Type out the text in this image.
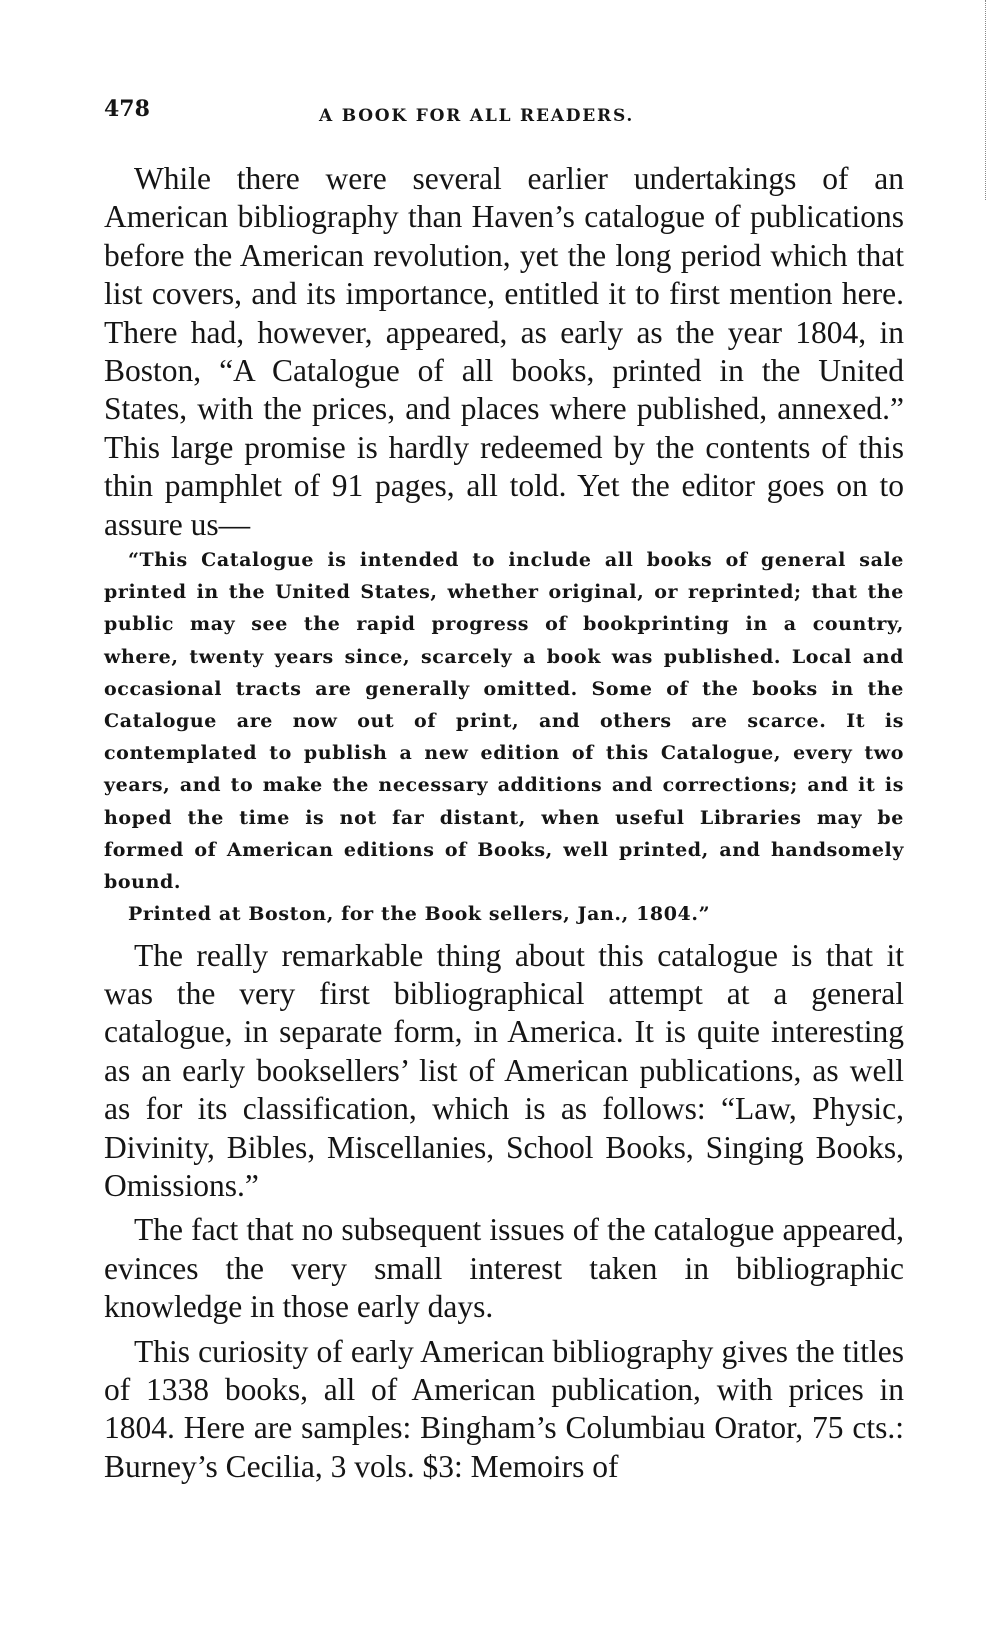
478	A BOOK FOR ALL READERS.

While there were several earlier undertakings of an American bibliography than Haven’s catalogue of publications before the American revolution, yet the long period which that list covers, and its importance, entitled it to first mention here. There had, however, appeared, as early as the year 1804, in Boston, “A Catalogue of all books, printed in the United States, with the prices, and places where published, annexed.” This large promise is hardly redeemed by the contents of this thin pamphlet of 91 pages, all told. Yet the editor goes on to assure us—

“This Catalogue is intended to include all books of general sale printed in the United States, whether original, or reprinted; that the public may see the rapid progress of bookprinting in a country, where, twenty years since, scarcely a book was published. Local and occasional tracts are generally omitted. Some of the books in the Catalogue are now out of print, and others are scarce. It is contemplated to publish a new edition of this Catalogue, every two years, and to make the necessary additions and corrections; and it is hoped the time is not far distant, when useful Libraries may be formed of American editions of Books, well printed, and handsomely bound.

Printed at Boston, for the Book sellers, Jan., 1804.”

The really remarkable thing about this catalogue is that it was the very first bibliographical attempt at a general catalogue, in separate form, in America. It is quite interesting as an early booksellers’ list of American publications, as well as for its classification, which is as follows: “Law, Physic, Divinity, Bibles, Miscellanies, School Books, Singing Books, Omissions.”

The fact that no subsequent issues of the catalogue appeared, evinces the very small interest taken in bibliographic knowledge in those early days.

This curiosity of early American bibliography gives the titles of 1338 books, all of American publication, with prices in 1804. Here are samples: Bingham’s Columbiau Orator, 75 cts.: Burney’s Cecilia, 3 vols. $3: Memoirs of
